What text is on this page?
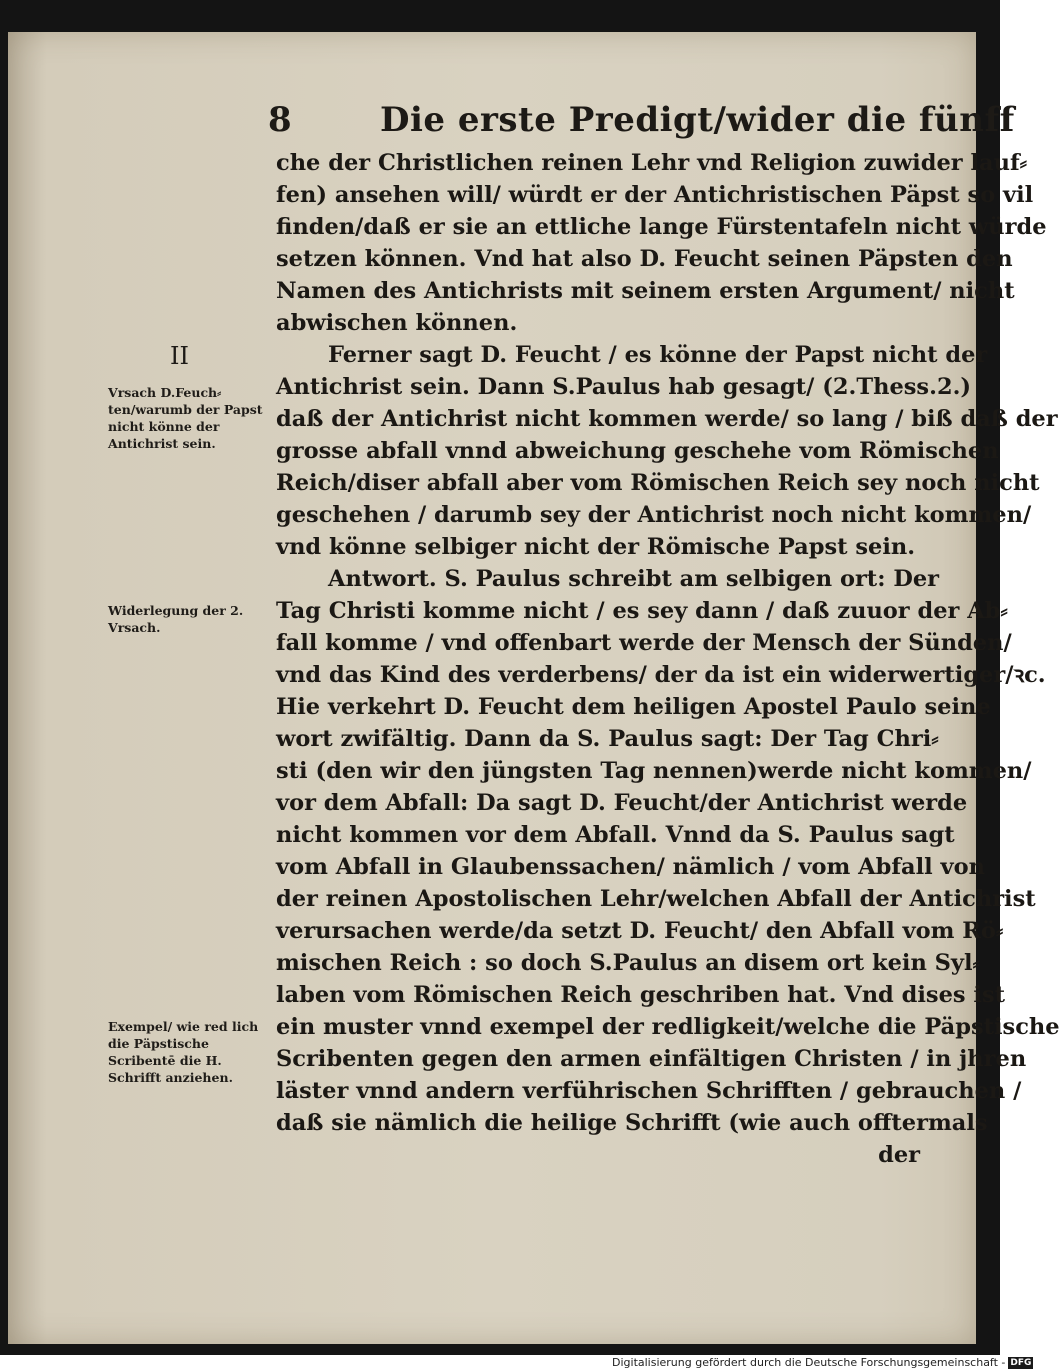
8	Die erste Predigt/wider die fünff
II
Vrsach D.Feuch⸗ten/warumb der Papst nicht könne der Antichrist sein.
Widerlegung der 2. Vrsach.
Exempel/ wie red lich die Päpstische Scribentē die H. Schrifft anziehen.
che der Christlichen reinen Lehr vnd Religion zuwider lauf⸗
fen) ansehen will/ würdt er der Antichristischen Päpst so vil
finden/daß er sie an ettliche lange Fürstentafeln nicht würde
setzen können. Vnd hat also D. Feucht seinen Päpsten den
Namen des Antichrists mit seinem ersten Argument/ nicht
abwischen können.
Ferner sagt D. Feucht / es könne der Papst nicht der
Antichrist sein. Dann S.Paulus hab gesagt/ (2.Thess.2.)
daß der Antichrist nicht kommen werde/ so lang / biß daß der
grosse abfall vnnd abweichung geschehe vom Römischen
Reich/diser abfall aber vom Römischen Reich sey noch nicht
geschehen / darumb sey der Antichrist noch nicht kommen/
vnd könne selbiger nicht der Römische Papst sein.
Antwort. S. Paulus schreibt am selbigen ort: Der
Tag Christi komme nicht / es sey dann / daß zuuor der Ab⸗
fall komme / vnd offenbart werde der Mensch der Sünden/
vnd das Kind des verderbens/ der da ist ein widerwertiger/ꝛc.
Hie verkehrt D. Feucht dem heiligen Apostel Paulo seine
wort zwifältig. Dann da S. Paulus sagt: Der Tag Chri⸗
sti (den wir den jüngsten Tag nennen)werde nicht kommen/
vor dem Abfall: Da sagt D. Feucht/der Antichrist werde
nicht kommen vor dem Abfall. Vnnd da S. Paulus sagt
vom Abfall in Glaubenssachen/ nämlich / vom Abfall von
der reinen Apostolischen Lehr/welchen Abfall der Antichrist
verursachen werde/da setzt D. Feucht/ den Abfall vom Rö⸗
mischen Reich : so doch S.Paulus an disem ort kein Syl⸗
laben vom Römischen Reich geschriben hat. Vnd dises ist
ein muster vnnd exempel der redligkeit/welche die Päpstische
Scribenten gegen den armen einfältigen Christen / in jhren
läster vnnd andern verführischen Schrifften / gebrauchen /
daß sie nämlich die heilige Schrifft (wie auch offtermals
der
Digitalisierung gefördert durch die Deutsche Forschungsgemeinschaft - DFG
